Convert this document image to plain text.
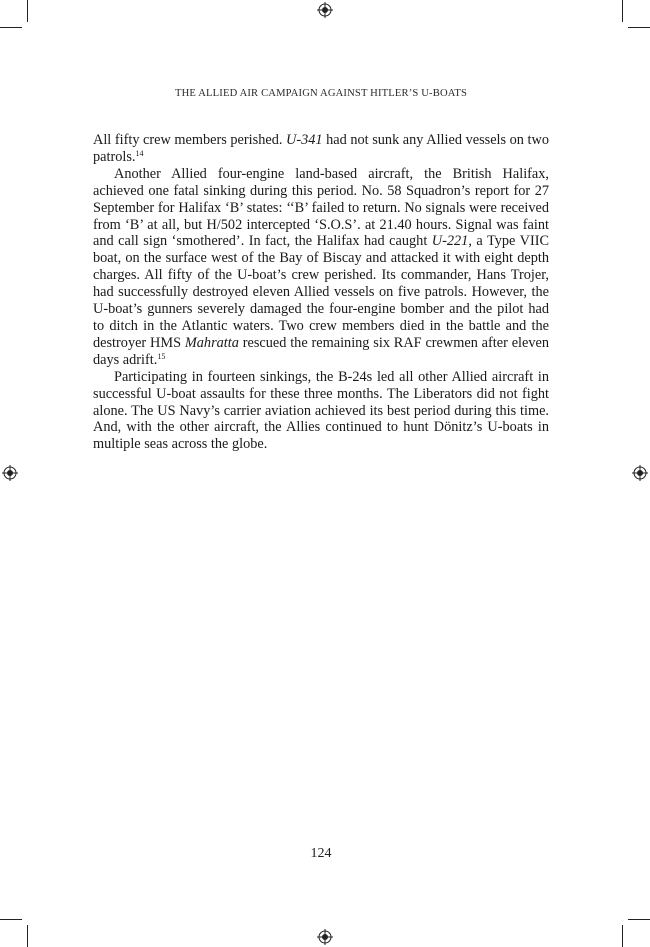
THE ALLIED AIR CAMPAIGN AGAINST HITLER’S U-BOATS

All fifty crew members perished. U-341 had not sunk any Allied vessels on two patrols.$^{14}$

Another Allied four-engine land-based aircraft, the British Halifax, achieved one fatal sinking during this period. No. 58 Squadron’s report for 27 September for Halifax ‘B’ states: ‘‘B’ failed to return. No signals were received from ‘B’ at all, but H/502 intercepted ‘S.O.S’. at 21.40 hours. Signal was faint and call sign ‘smothered’. In fact, the Halifax had caught U-221, a Type VIIC boat, on the surface west of the Bay of Biscay and attacked it with eight depth charges. All fifty of the U-boat’s crew perished. Its commander, Hans Trojer, had successfully destroyed eleven Allied vessels on five patrols. However, the U-boat’s gunners severely damaged the four-engine bomber and the pilot had to ditch in the Atlantic waters. Two crew members died in the battle and the destroyer HMS Mahratta rescued the remaining six RAF crewmen after eleven days adrift.$^{15}$

Participating in fourteen sinkings, the B-24s led all other Allied aircraft in successful U-boat assaults for these three months. The Liberators did not fight alone. The US Navy’s carrier aviation achieved its best period during this time. And, with the other aircraft, the Allies continued to hunt Dönitz’s U-boats in multiple seas across the globe.

124
